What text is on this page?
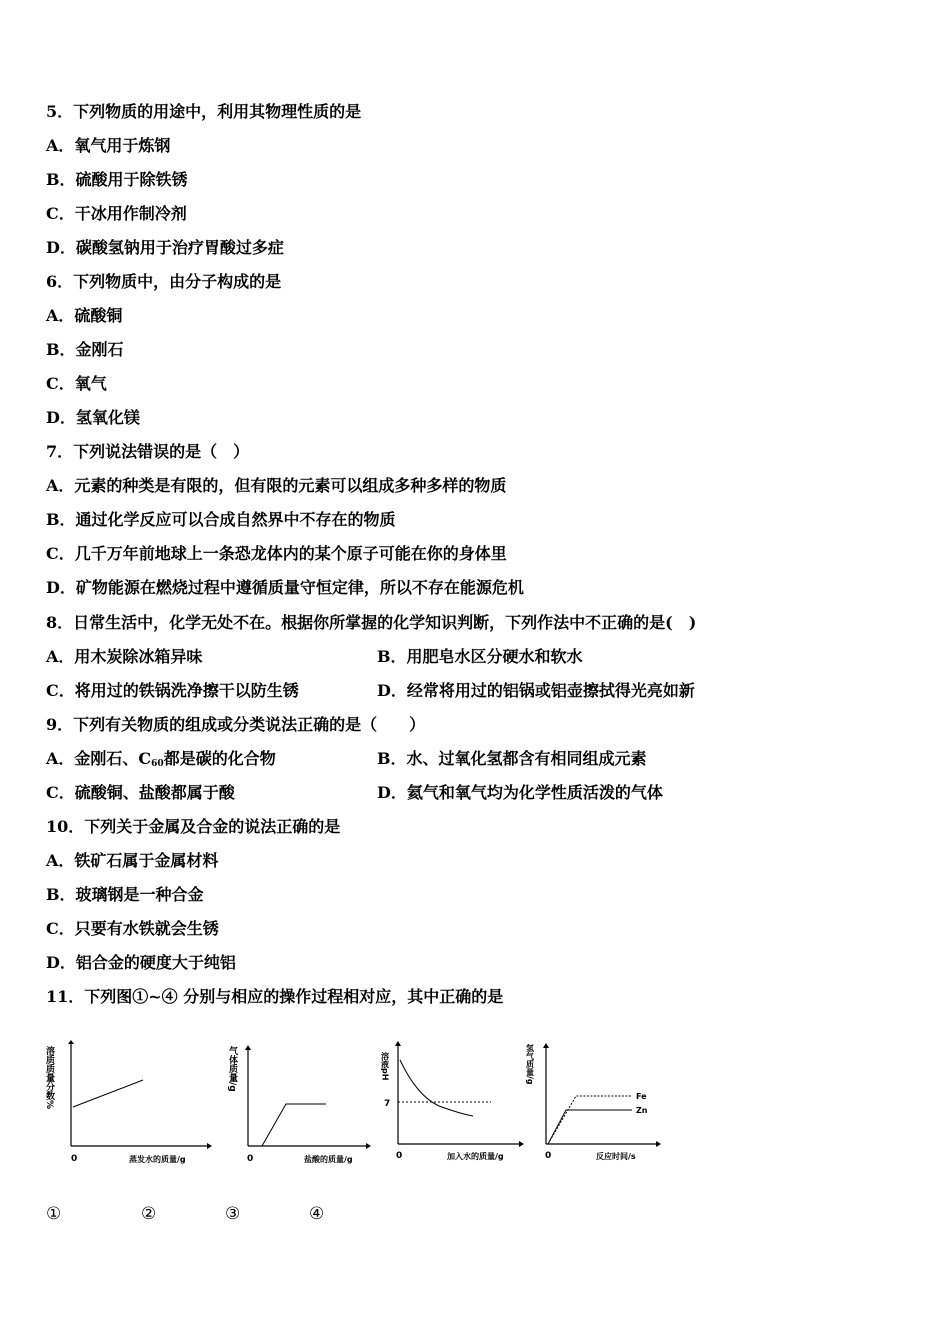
5．下列物质的用途中，利用其物理性质的是
A．氧气用于炼钢
B．硫酸用于除铁锈
C．干冰用作制冷剂
D．碳酸氢钠用于治疗胃酸过多症
6．下列物质中，由分子构成的是
A．硫酸铜
B．金刚石
C．氧气
D．氢氧化镁
7．下列说法错误的是（　）
A．元素的种类是有限的，但有限的元素可以组成多种多样的物质
B．通过化学反应可以合成自然界中不存在的物质
C．几千万年前地球上一条恐龙体内的某个原子可能在你的身体里
D．矿物能源在燃烧过程中遵循质量守恒定律，所以不存在能源危机
8．日常生活中，化学无处不在。根据你所掌握的化学知识判断，下列作法中不正确的是(　)
A．用木炭除冰箱异味	B．用肥皂水区分硬水和软水
C．将用过的铁锅洗净擦干以防生锈	D．经常将用过的铝锅或铝壶擦拭得光亮如新
9．下列有关物质的组成或分类说法正确的是（　　）
A．金刚石、$C_{60}$都是碳的化合物	B．水、过氧化氢都含有相同组成元素
C．硫酸铜、盐酸都属于酸	D．氦气和氧气均为化学性质活泼的气体
10．下列关于金属及合金的说法正确的是
A．铁矿石属于金属材料
B．玻璃钢是一种合金
C．只要有水铁就会生锈
D．铝合金的硬度大于纯铝
11．下列图①~④ 分别与相应的操作过程相对应，其中正确的是
溶质质量分数%
0	蒸发水的质量/g
气体质量/g
0	盐酸的质量/g
溶液pH
7
0	加入水的质量/g
氢气质量/g
Fe
Zn
0	反应时间/s
①	②	③	④
